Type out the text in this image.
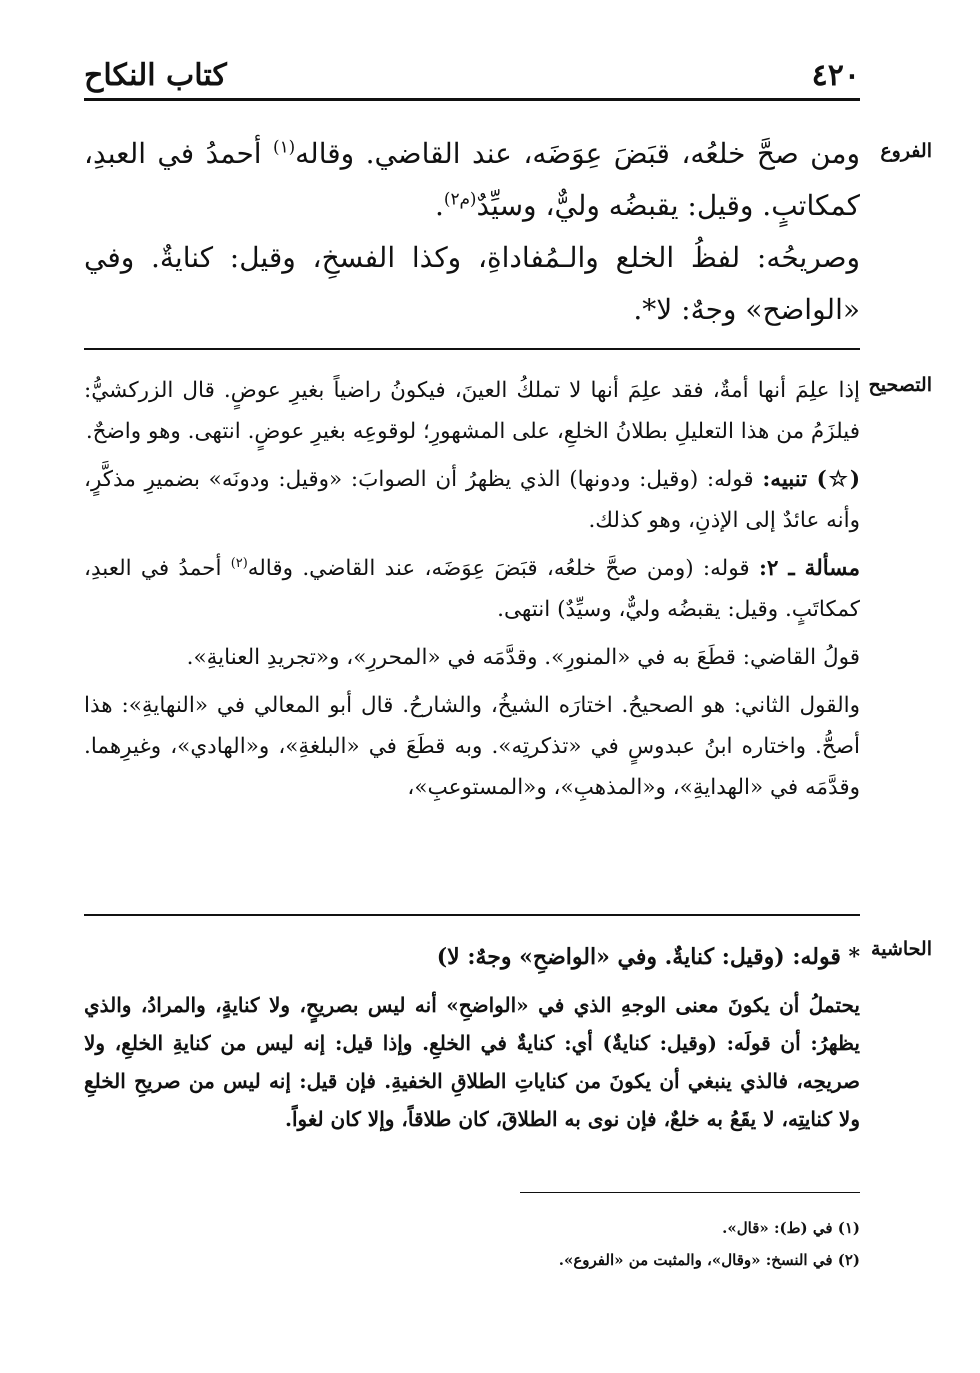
٤٢٠
كتاب النكاح
الفروع

ومن صحَّ خلعُه، قبَضَ عِوَضَه، عند القاضي. وقاله$^{(١)}$ أحمدُ في العبدِ، كمكاتبٍ. وقيل: يقبضُه وليٌّ، وسيِّدٌ$^{(م٢)}$.

وصريحُه: لفظُ الخلع والـمُفاداةِ، وكذا الفسخِ، وقيل: كنايةٌ. وفي «الواضح» وجهٌ: لا*.

التصحيح

إذا علِمَ أنها أمةٌ، فقد علِمَ أنها لا تملكُ العينَ، فيكونُ راضياً بغيرِ عوضٍ. قال الزركشيُّ: فيلزَمُ من هذا التعليلِ بطلانُ الخلعِ، على المشهورِ؛ لوقوعِه بغيرِ عوضٍ. انتهى. وهو واضحٌ.

(☆) تنبيه: قوله: (وقيل: ودونها) الذي يظهرُ أن الصوابَ: «وقيل: ودونَه» بضميرِ مذكَّرٍ، وأنه عائدٌ إلى الإذنِ، وهو كذلك.

مسألة ـ ٢: قوله: (ومن صحَّ خلعُه، قبَضَ عِوَضَه، عند القاضي. وقاله$^{(٢)}$ أحمدُ في العبدِ، كمكاتَبٍ. وقيل: يقبضُه وليٌّ، وسيِّدٌ) انتهى.

قولُ القاضي: قطَعَ به في «المنورِ». وقدَّمَه في «المحررِ»، و«تجريدِ العنايةِ».

والقول الثاني: هو الصحيحُ. اختارَه الشيخُ، والشارحُ. قال أبو المعالي في «النهايةِ»: هذا أصحُّ. واختاره ابنُ عبدوسٍ في «تذكرتِه». وبه قطَعَ في «البلغةِ»، و«الهادي»، وغيرِهما. وقدَّمَه في «الهدايةِ»، و«المذهبِ»، و«المستوعبِ»،

الحاشية

* قوله: (وقيل: كنايةٌ. وفي «الواضحِ» وجهٌ: لا)

يحتملُ أن يكونَ معنى الوجهِ الذي في «الواضحِ» أنه ليس بصريحٍ، ولا كنايةٍ، والمرادُ، والذي يظهرُ: أن قولَه: (وقيل: كنايةٌ) أي: كنايةٌ في الخلعِ. وإذا قيل: إنه ليس من كنايةِ الخلعِ، ولا صريحِه، فالذي ينبغي أن يكونَ من كناياتِ الطلاقِ الخفيةِ. فإن قيل: إنه ليس من صريحِ الخلعِ ولا كنايتِه، لا يقَعُ به خلعٌ، فإن نوى به الطلاقَ، كان طلاقاً، وإلا كان لغواً.

(١) في (ط): «قال».

(٢) في النسخ: «وقال»، والمثبت من «الفروع».
